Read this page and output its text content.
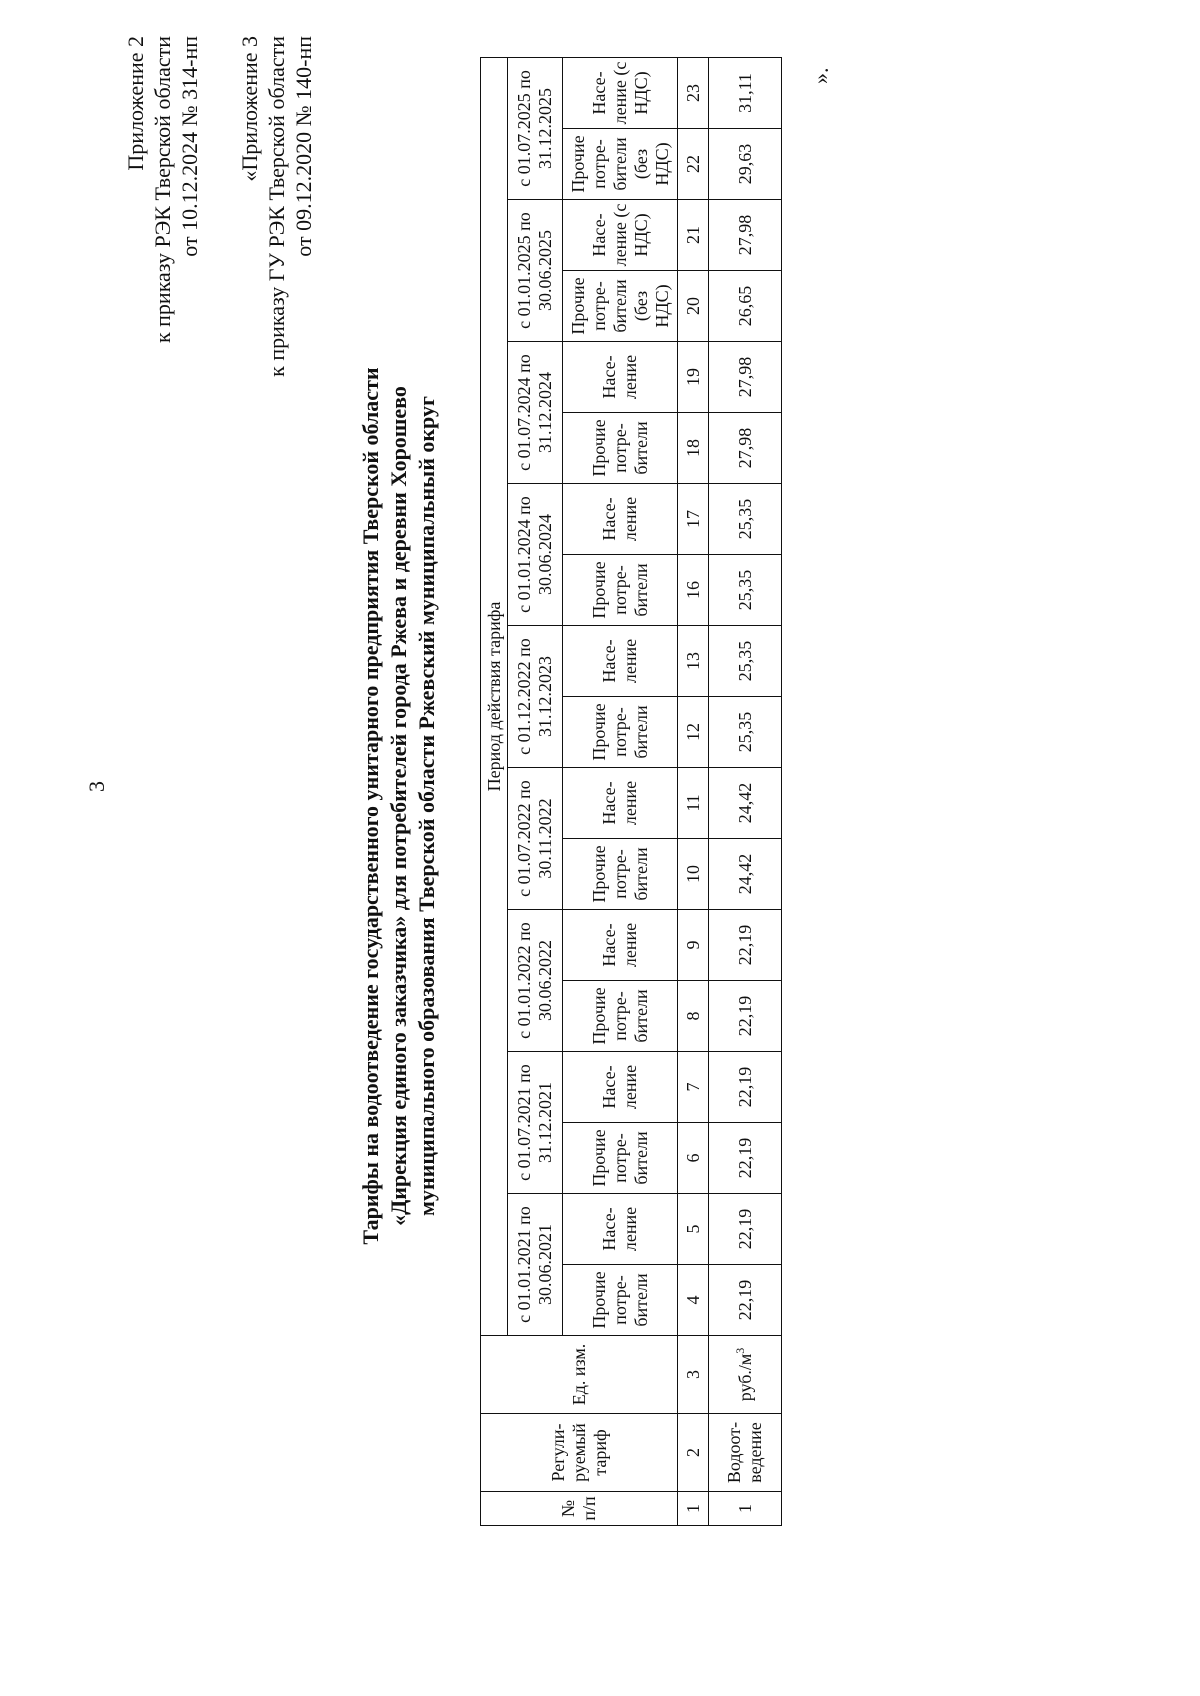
3
Приложение 2 к приказу РЭК Тверской области от 10.12.2024 № 314-нп «Приложение 3 к приказу ГУ РЭК Тверской области от 09.12.2020 № 140-нп
Тарифы на водоотведение государственного унитарного предприятия Тверской области «Дирекция единого заказчика» для потребителей города Ржева и деревни Хорошево муниципального образования Тверской области Ржевский муниципальный округ
№ п/п	Регули-руемый тариф	Ед. изм.	Период действия тарифа																	
			с 01.01.2021 по 30.06.2021		с 01.07.2021 по 31.12.2021		с 01.01.2022 по 30.06.2022		с 01.07.2022 по 30.11.2022		с 01.12.2022 по 31.12.2023		с 01.01.2024 по 30.06.2024		с 01.07.2024 по 31.12.2024		с 01.01.2025 по 30.06.2025		с 01.07.2025 по 31.12.2025	
			Прочие потре-бители	Насе-ление	Прочие потре-бители	Насе-ление	Прочие потре-бители	Насе-ление	Прочие потре-бители	Насе-ление	Прочие потре-бители	Насе-ление	Прочие потре-бители	Насе-ление	Прочие потре-бители	Насе-ление	Прочие потре-бители (без НДС)	Насе-ление (с НДС)	Прочие потре-бители (без НДС)	Насе-ление (с НДС)
1	2	3	4	5	6	7	8	9	10	11	12	13	16	17	18	19	20	21	22	23
1	Водоот-ведение	$руб./м^3$	22,19	22,19	22,19	22,19	22,19	22,19	24,42	24,42	25,35	25,35	25,35	25,35	27,98	27,98	26,65	27,98	29,63	31,11 ».
